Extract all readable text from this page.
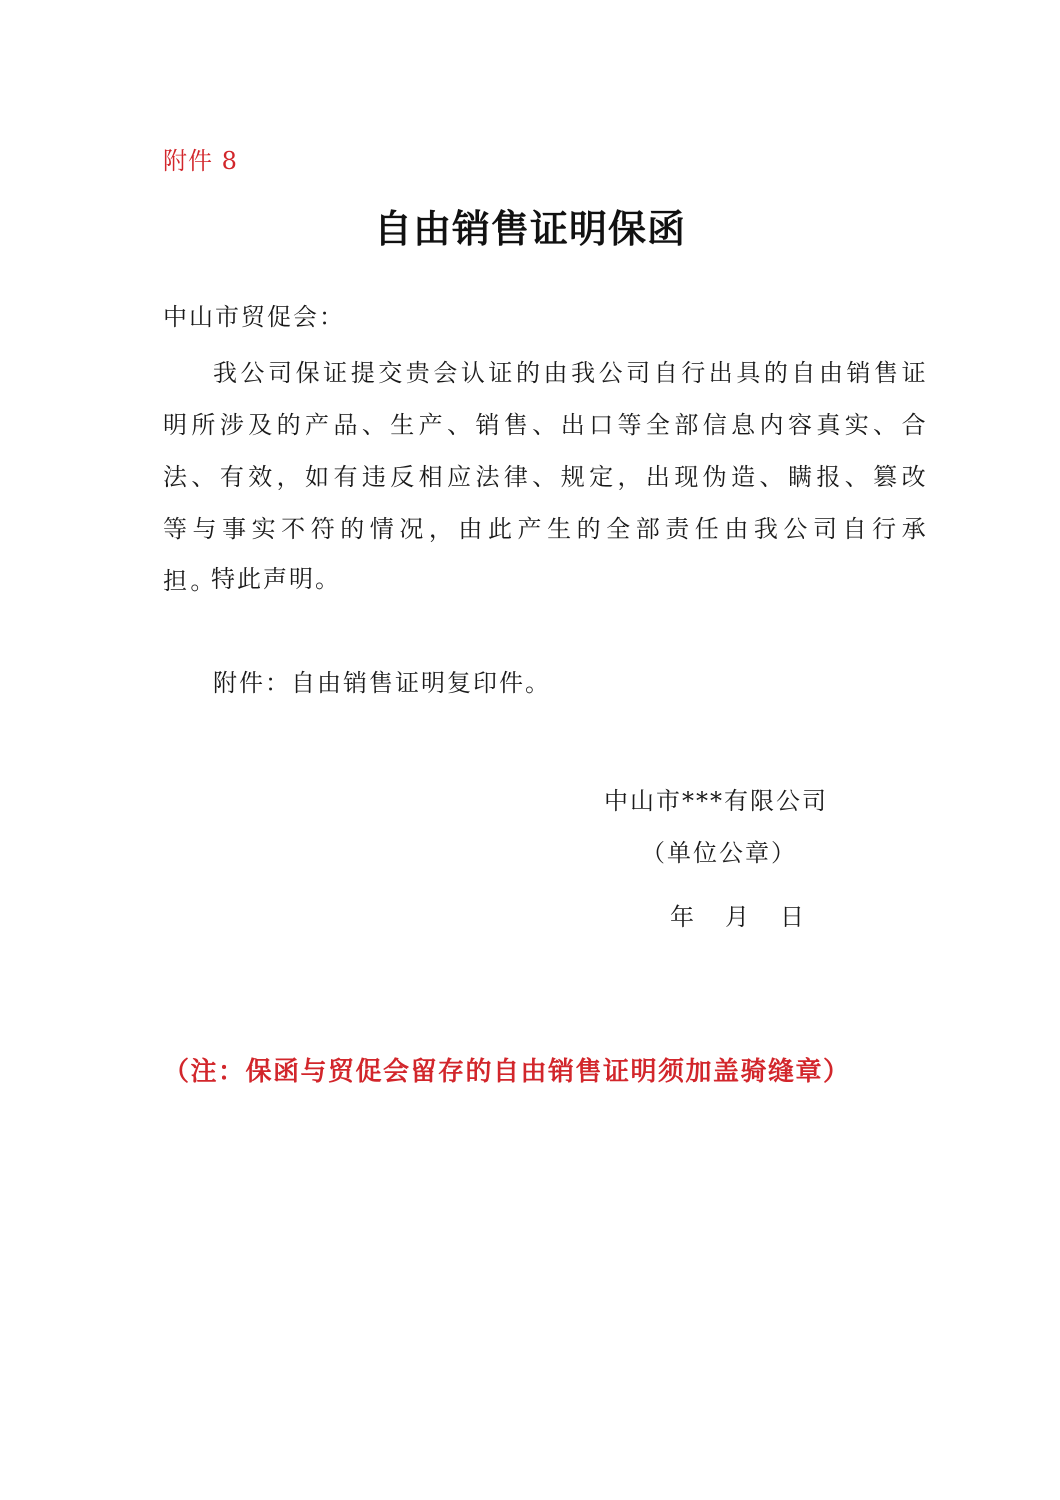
附件 8
自由销售证明保函
中山市贸促会：

我公司保证提交贵会认证的由我公司自行出具的自由销售证明所涉及的产品、生产、销售、出口等全部信息内容真实、合法、有效，如有违反相应法律、规定，出现伪造、瞒报、篡改等与事实不符的情况，由此产生的全部责任由我公司自行承担。

特此声明。
附件：自由销售证明复印件。
中山市***有限公司
（单位公章）
年	月	日
（注：保函与贸促会留存的自由销售证明须加盖骑缝章）
